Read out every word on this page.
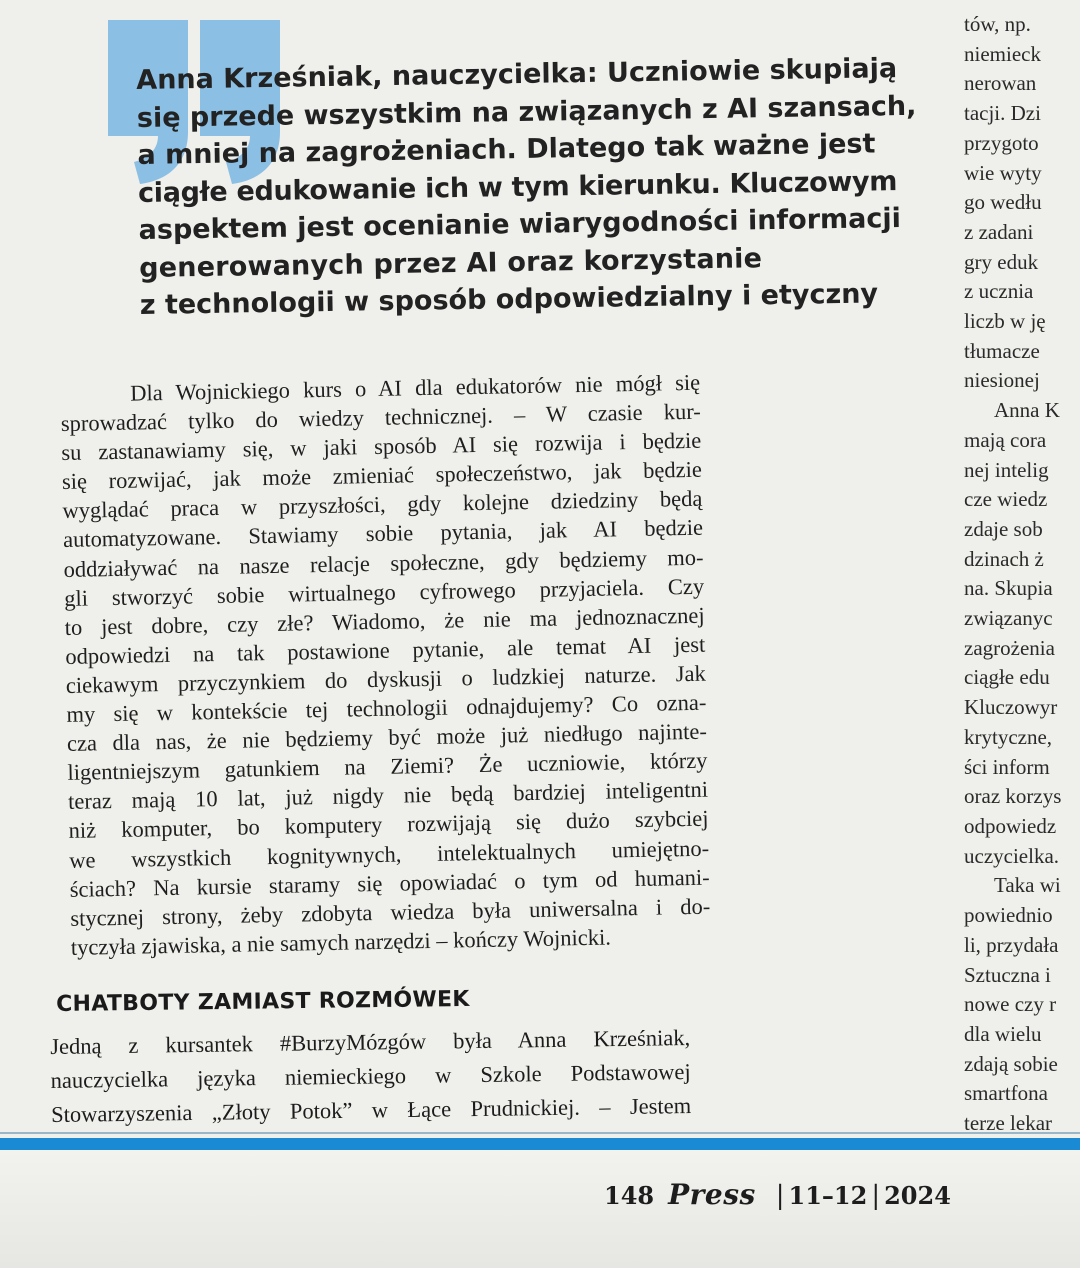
Anna Krześniak, nauczycielka: Uczniowie skupiają
się przede wszystkim na związanych z AI szansach,
a mniej na zagrożeniach. Dlatego tak ważne jest
ciągłe edukowanie ich w tym kierunku. Kluczowym
aspektem jest ocenianie wiarygodności informacji
generowanych przez AI oraz korzystanie
z technologii w sposób odpowiedzialny i etyczny
Dla Wojnickiego kurs o AI dla edukatorów nie mógł się
sprowadzać tylko do wiedzy technicznej. – W czasie kur-
su zastanawiamy się, w jaki sposób AI się rozwija i będzie
się rozwijać, jak może zmieniać społeczeństwo, jak będzie
wyglądać praca w przyszłości, gdy kolejne dziedziny będą
automatyzowane. Stawiamy sobie pytania, jak AI będzie
oddziaływać na nasze relacje społeczne, gdy będziemy mo-
gli stworzyć sobie wirtualnego cyfrowego przyjaciela. Czy
to jest dobre, czy złe? Wiadomo, że nie ma jednoznacznej
odpowiedzi na tak postawione pytanie, ale temat AI jest
ciekawym przyczynkiem do dyskusji o ludzkiej naturze. Jak
my się w kontekście tej technologii odnajdujemy? Co ozna-
cza dla nas, że nie będziemy być może już niedługo najinte-
ligentniejszym gatunkiem na Ziemi? Że uczniowie, którzy
teraz mają 10 lat, już nigdy nie będą bardziej inteligentni
niż komputer, bo komputery rozwijają się dużo szybciej
we wszystkich kognitywnych, intelektualnych umiejętno-
ściach? Na kursie staramy się opowiadać o tym od humani-
stycznej strony, żeby zdobyta wiedza była uniwersalna i do-
tyczyła zjawiska, a nie samych narzędzi – kończy Wojnicki.
CHATBOTY ZAMIAST ROZMÓWEK
Jedną z kursantek #BurzyMózgów była Anna Krześniak,
nauczycielka języka niemieckiego w Szkole Podstawowej
Stowarzyszenia „Złoty Potok” w Łące Prudnickiej. – Jestem
tów, np.
niemieck
nerowan
tacji. Dzi
przygoto
wie wyty
go wedłu
z zadani
gry eduk
z ucznia
liczb w ję
tłumacze
niesionej
Anna K
mają cora
nej intelig
cze wiedz
zdaje sob
dzinach ż
na. Skupia
związanyc
zagrożenia
ciągłe edu
Kluczowyr
krytyczne,
ści inform
oraz korzys
odpowiedz
uczycielka.
Taka wi
powiednio
li, przydała
Sztuczna i
nowe czy r
dla wielu
zdają sobie
smartfona
terze lekar
148 Press | 11–12 | 2024
